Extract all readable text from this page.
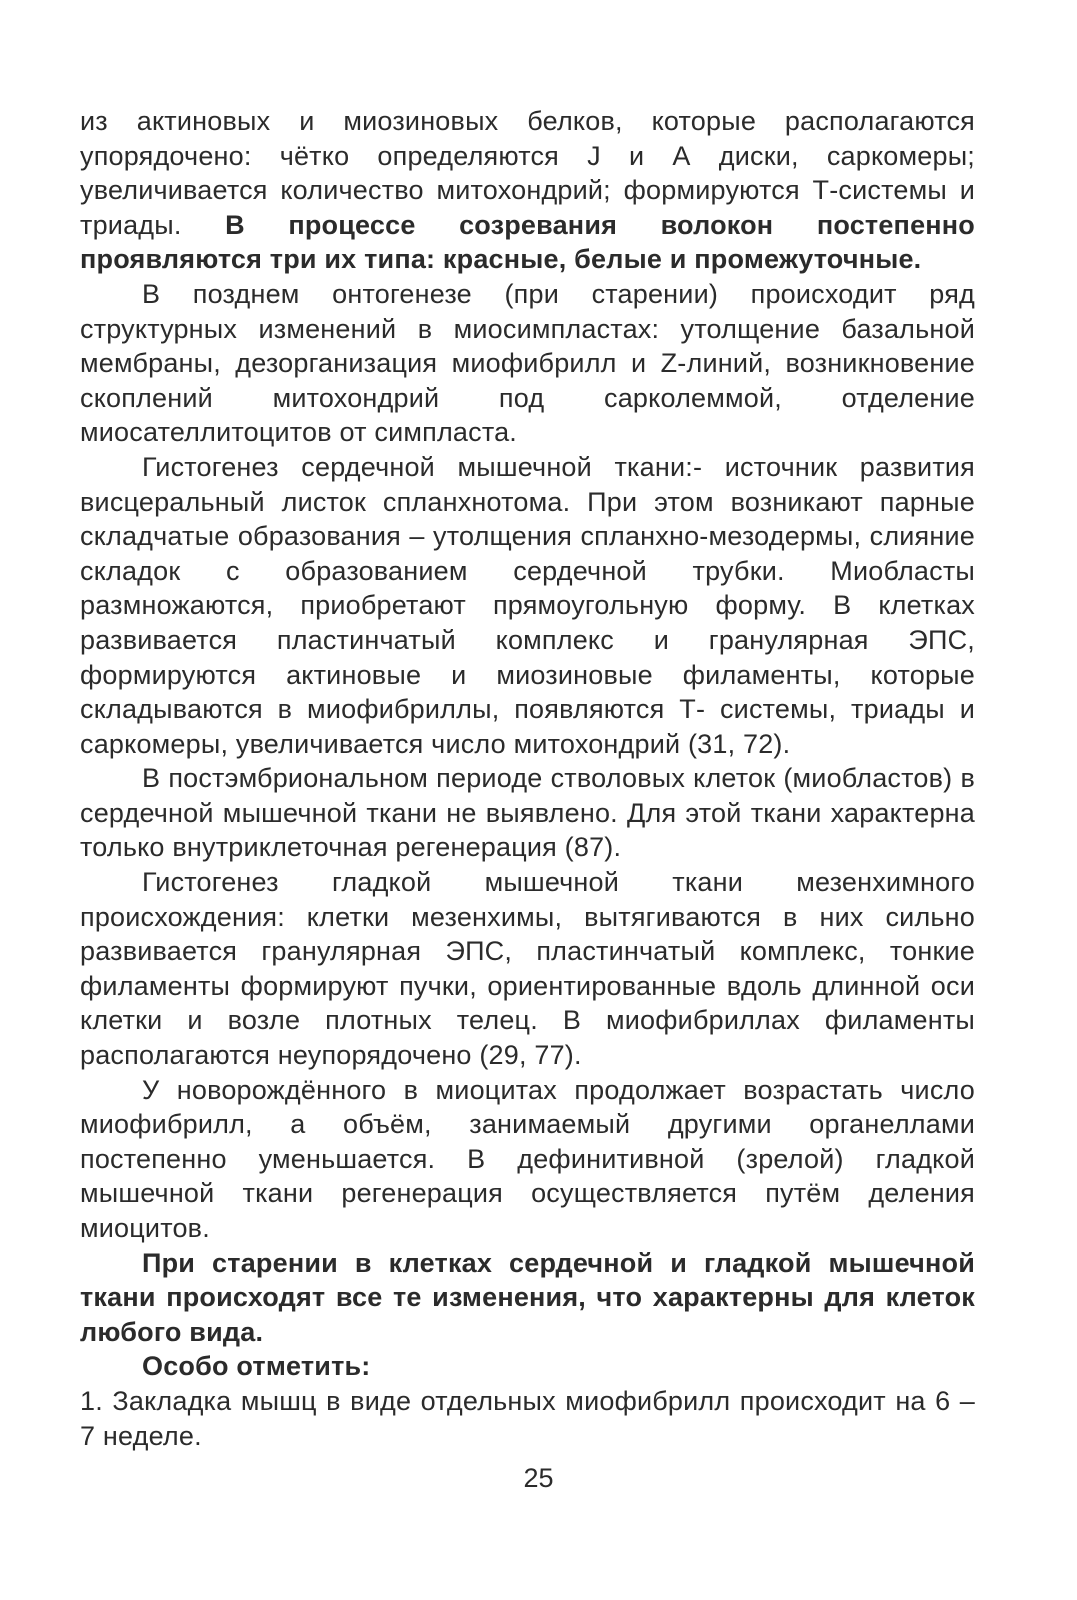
из актиновых и миозиновых белков, которые располагаются упорядочено: чётко определяются J и А диски, саркомеры; увеличивается количество митохондрий; формируются Т-системы и триады. В процессе созревания волокон постепенно проявляются три их типа: красные, белые и промежуточные.

В позднем онтогенезе (при старении) происходит ряд структурных изменений в миосимпластах: утолщение базальной мембраны, дезорганизация миофибрилл и Z-линий, возникновение скоплений митохондрий под сарколеммой, отделение миосателлитоцитов от симпласта.

Гистогенез сердечной мышечной ткани:- источник развития висцеральный листок спланхнотома. При этом возникают парные складчатые образования – утолщения спланхно-мезодермы, слияние складок с образованием сердечной трубки. Миобласты размножаются, приобретают прямоугольную форму. В клетках развивается пластинчатый комплекс и гранулярная ЭПС, формируются актиновые и миозиновые филаменты, которые складываются в миофибриллы, появляются Т- системы, триады и саркомеры, увеличивается число митохондрий (31, 72).

В постэмбриональном периоде стволовых клеток (миобластов) в сердечной мышечной ткани не выявлено. Для этой ткани характерна только внутриклеточная регенерация (87).

Гистогенез гладкой мышечной ткани мезенхимного происхождения: клетки мезенхимы, вытягиваются в них сильно развивается гранулярная ЭПС, пластинчатый комплекс, тонкие филаменты формируют пучки, ориентированные вдоль длинной оси клетки и возле плотных телец. В миофибриллах филаменты располагаются неупорядочено (29, 77).

У новорождённого в миоцитах продолжает возрастать число миофибрилл, а объём, занимаемый другими органеллами постепенно уменьшается. В дефинитивной (зрелой) гладкой мышечной ткани регенерация осуществляется путём деления миоцитов.

При старении в клетках сердечной и гладкой мышечной ткани происходят все те изменения, что характерны для клеток любого вида.

Особо отметить:

1. Закладка мышц в виде отдельных миофибрилл происходит на 6 – 7 неделе.

25
